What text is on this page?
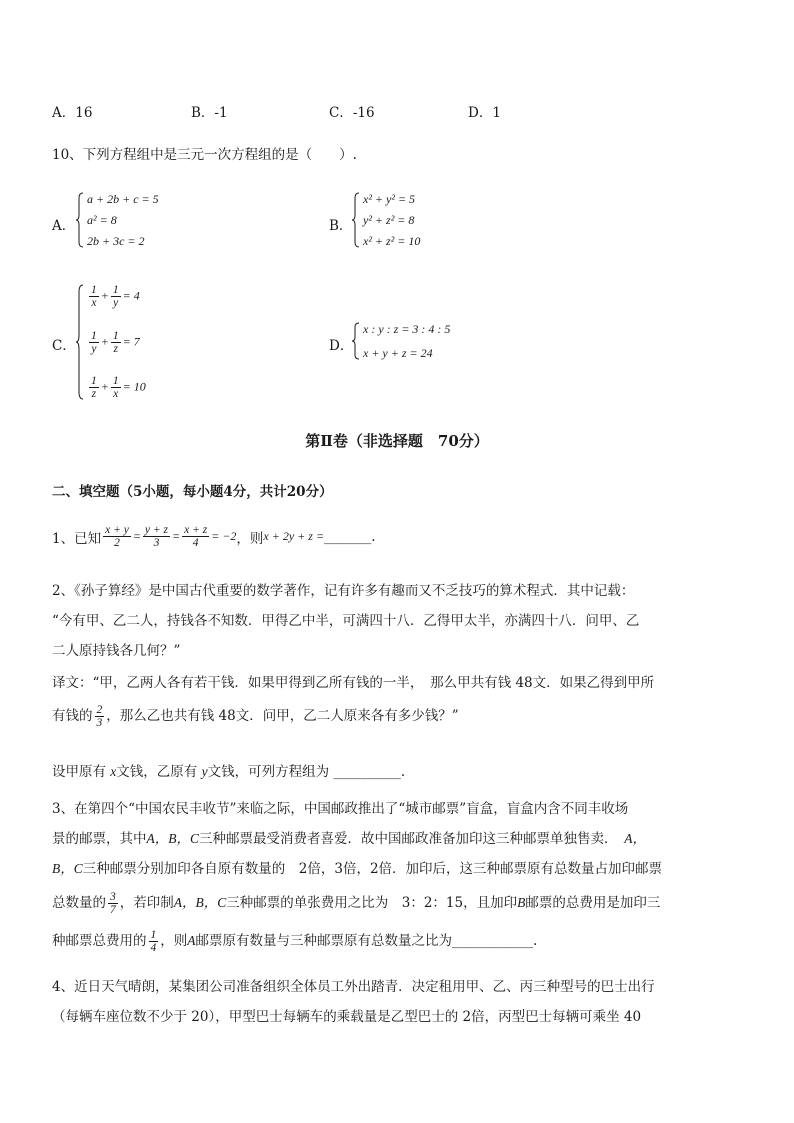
A．16	B．-1	C．-16	D．1
10、下列方程组中是三元一次方程组的是（　　）.
A．
a + 2b + c = 5
a² = 8
2b + 3c = 2
B．
x² + y² = 5
y² + z² = 8
x² + z² = 10
C．
$\frac{1}{x} + \frac{1}{y} = 4$
$\frac{1}{y} + \frac{1}{z} = 7$
$\frac{1}{z} + \frac{1}{x} = 10$
D．
x : y : z = 3 : 4 : 5
x + y + z = 24
第Ⅱ卷（非选择题　70分）
二、填空题（5小题，每小题4分，共计20分）
1、已知 $\frac{x + y}{2} = \frac{y + z}{3} = \frac{x + z}{4} = -2$ ，则 x + 2y + z = _______ .
2、《孙子算经》是中国古代重要的数学著作，记有许多有趣而又不乏技巧的算术程式．其中记载：
“今有甲、乙二人，持钱各不知数．甲得乙中半，可满四十八．乙得甲太半，亦满四十八．问甲、乙
二人原持钱各几何？”
译文：“甲，乙两人各有若干钱．如果甲得到乙所有钱的一半，　那么甲共有钱 48文．如果乙得到甲所
有钱的 $\frac{2}{3}$ ，那么乙也共有钱 48文．问甲，乙二人原来各有多少钱？”
设甲原有 x文钱，乙原有 y文钱，可列方程组为 __________.
3、在第四个“中国农民丰收节”来临之际，中国邮政推出了“城市邮票”盲盒，盲盒内含不同丰收场
景的邮票，其中 A，B，C 三种邮票最受消费者喜爱．故中国邮政准备加印这三种邮票单独售卖．　 A，
B，C 三种邮票分别加印各自原有数量的　2倍，3倍，2倍．加印后，这三种邮票原有总数量占加印邮票
总数量的 $\frac{3}{7}$ ，若印制 A，B，C 三种邮票的单张费用之比为　3：2：15，且加印 B 邮票的总费用是加印三
种邮票总费用的 $\frac{1}{4}$ ，则 A 邮票原有数量与三种邮票原有总数量之比为 ____________ .
4、近日天气晴朗，某集团公司准备组织全体员工外出踏青．决定租用甲、乙、丙三种型号的巴士出行
（每辆车座位数不少于 20），甲型巴士每辆车的乘载量是乙型巴士的 2倍，丙型巴士每辆可乘坐 40
